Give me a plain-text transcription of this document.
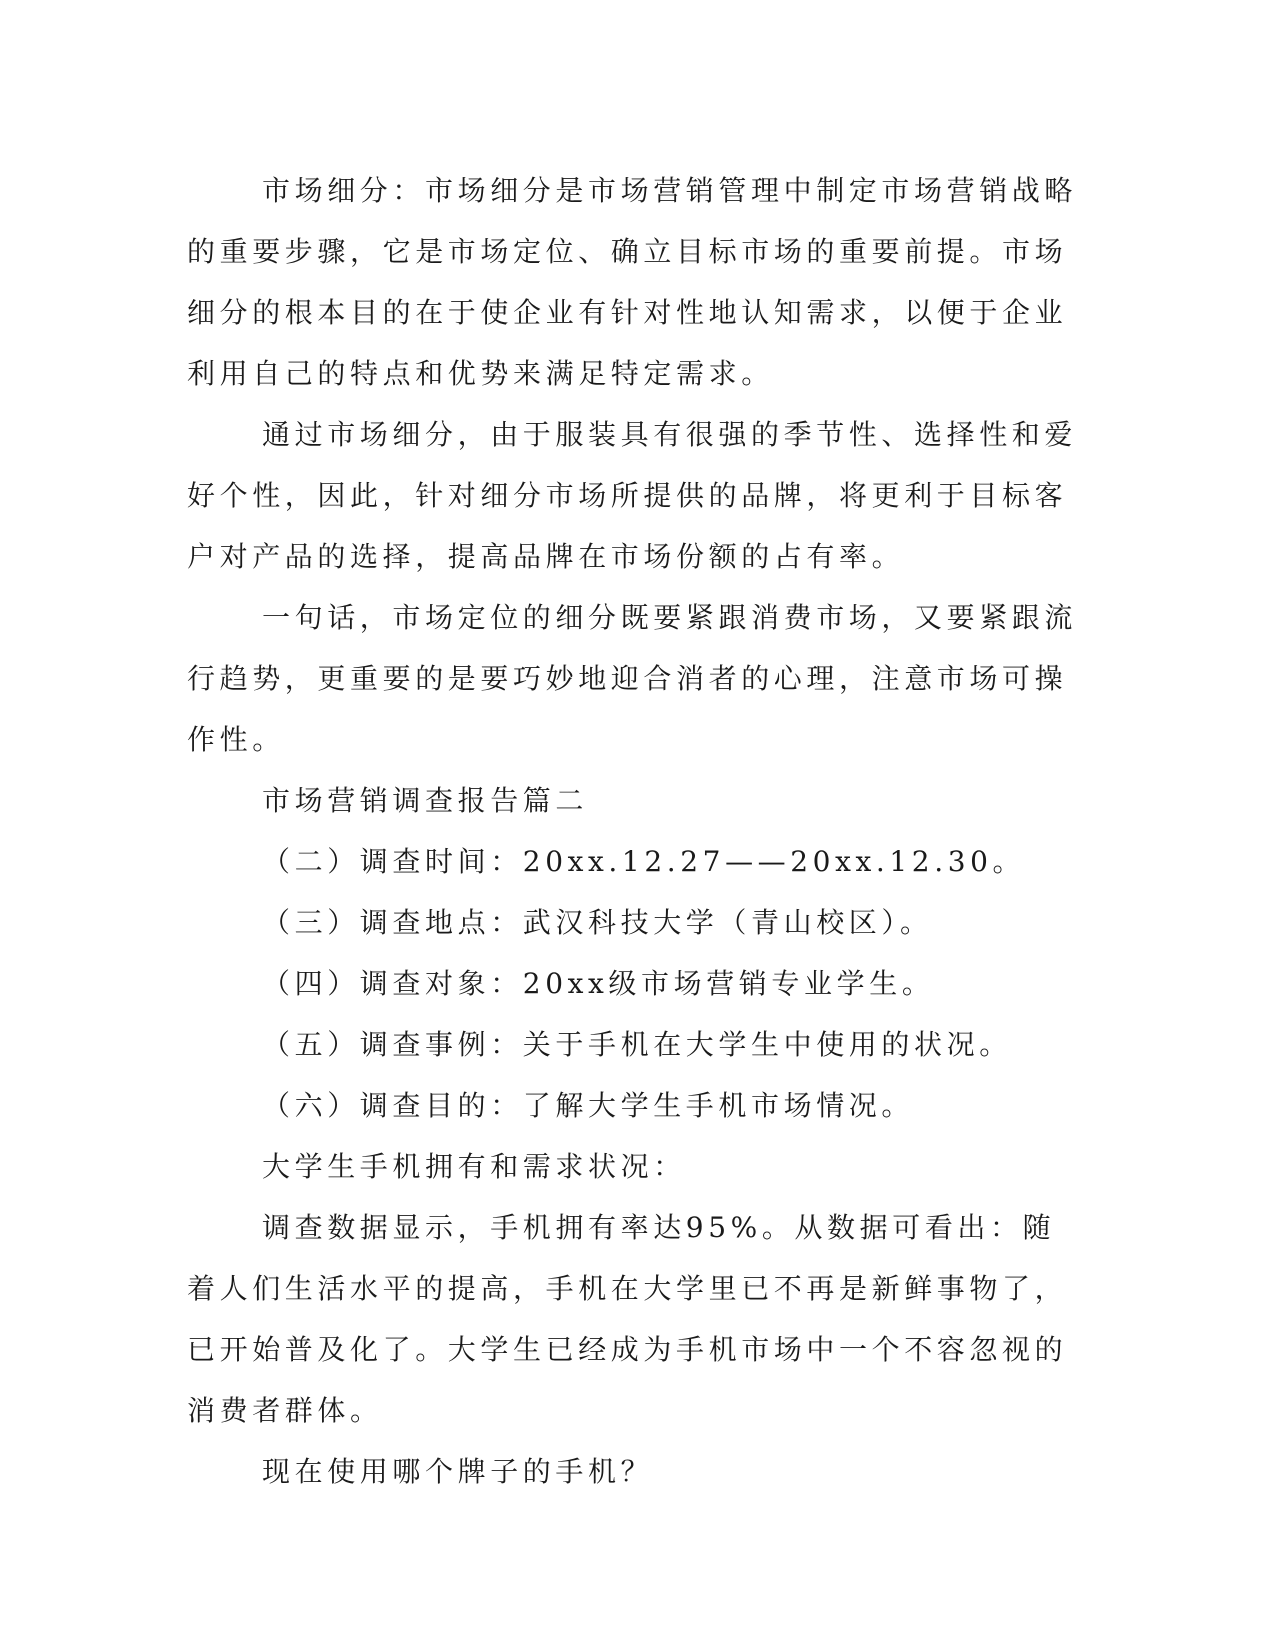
市场细分：市场细分是市场营销管理中制定市场营销战略的重要步骤，它是市场定位、确立目标市场的重要前提。市场细分的根本目的在于使企业有针对性地认知需求，以便于企业利用自己的特点和优势来满足特定需求。

通过市场细分，由于服装具有很强的季节性、选择性和爱好个性，因此，针对细分市场所提供的品牌，将更利于目标客户对产品的选择，提高品牌在市场份额的占有率。

一句话，市场定位的细分既要紧跟消费市场，又要紧跟流行趋势，更重要的是要巧妙地迎合消者的心理，注意市场可操作性。

市场营销调查报告篇二

（二）调查时间：20xx.12.27——20xx.12.30。

（三）调查地点：武汉科技大学（青山校区）。

（四）调查对象：20xx级市场营销专业学生。

（五）调查事例：关于手机在大学生中使用的状况。

（六）调查目的：了解大学生手机市场情况。

大学生手机拥有和需求状况：

调查数据显示，手机拥有率达95%。从数据可看出：随着人们生活水平的提高，手机在大学里已不再是新鲜事物了，已开始普及化了。大学生已经成为手机市场中一个不容忽视的消费者群体。

现在使用哪个牌子的手机？
